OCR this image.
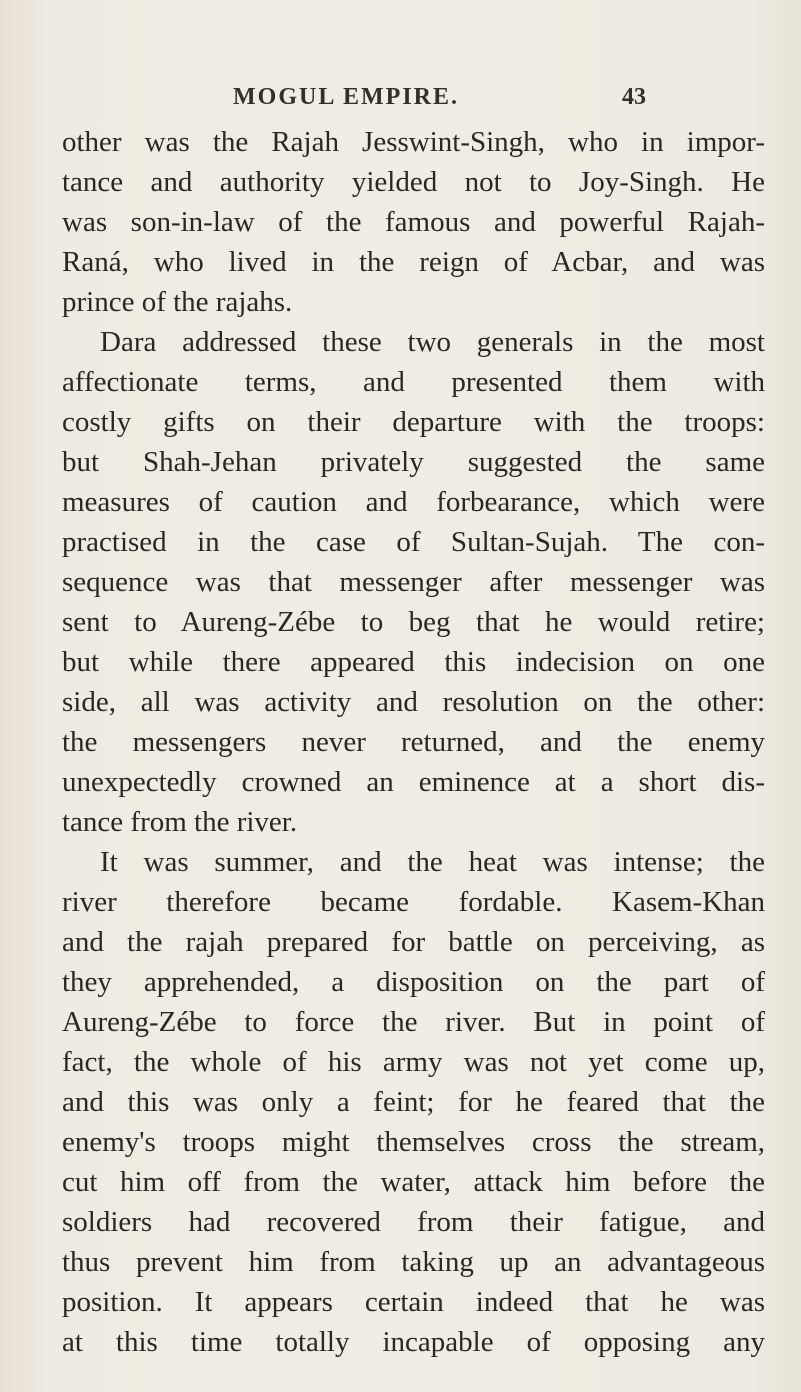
MOGUL EMPIRE.	43
other was the Rajah Jesswint-Singh, who in impor-
tance and authority yielded not to Joy-Singh. He
was son-in-law of the famous and powerful Rajah-
Raná, who lived in the reign of Acbar, and was
prince of the rajahs.
Dara addressed these two generals in the most
affectionate terms, and presented them with
costly gifts on their departure with the troops:
but Shah-Jehan privately suggested the same
measures of caution and forbearance, which were
practised in the case of Sultan-Sujah. The con-
sequence was that messenger after messenger was
sent to Aureng-Zébe to beg that he would retire;
but while there appeared this indecision on one
side, all was activity and resolution on the other:
the messengers never returned, and the enemy
unexpectedly crowned an eminence at a short dis-
tance from the river.
It was summer, and the heat was intense; the
river therefore became fordable. Kasem-Khan
and the rajah prepared for battle on perceiving, as
they apprehended, a disposition on the part of
Aureng-Zébe to force the river. But in point of
fact, the whole of his army was not yet come up,
and this was only a feint; for he feared that the
enemy's troops might themselves cross the stream,
cut him off from the water, attack him before the
soldiers had recovered from their fatigue, and
thus prevent him from taking up an advantageous
position. It appears certain indeed that he was
at this time totally incapable of opposing any
